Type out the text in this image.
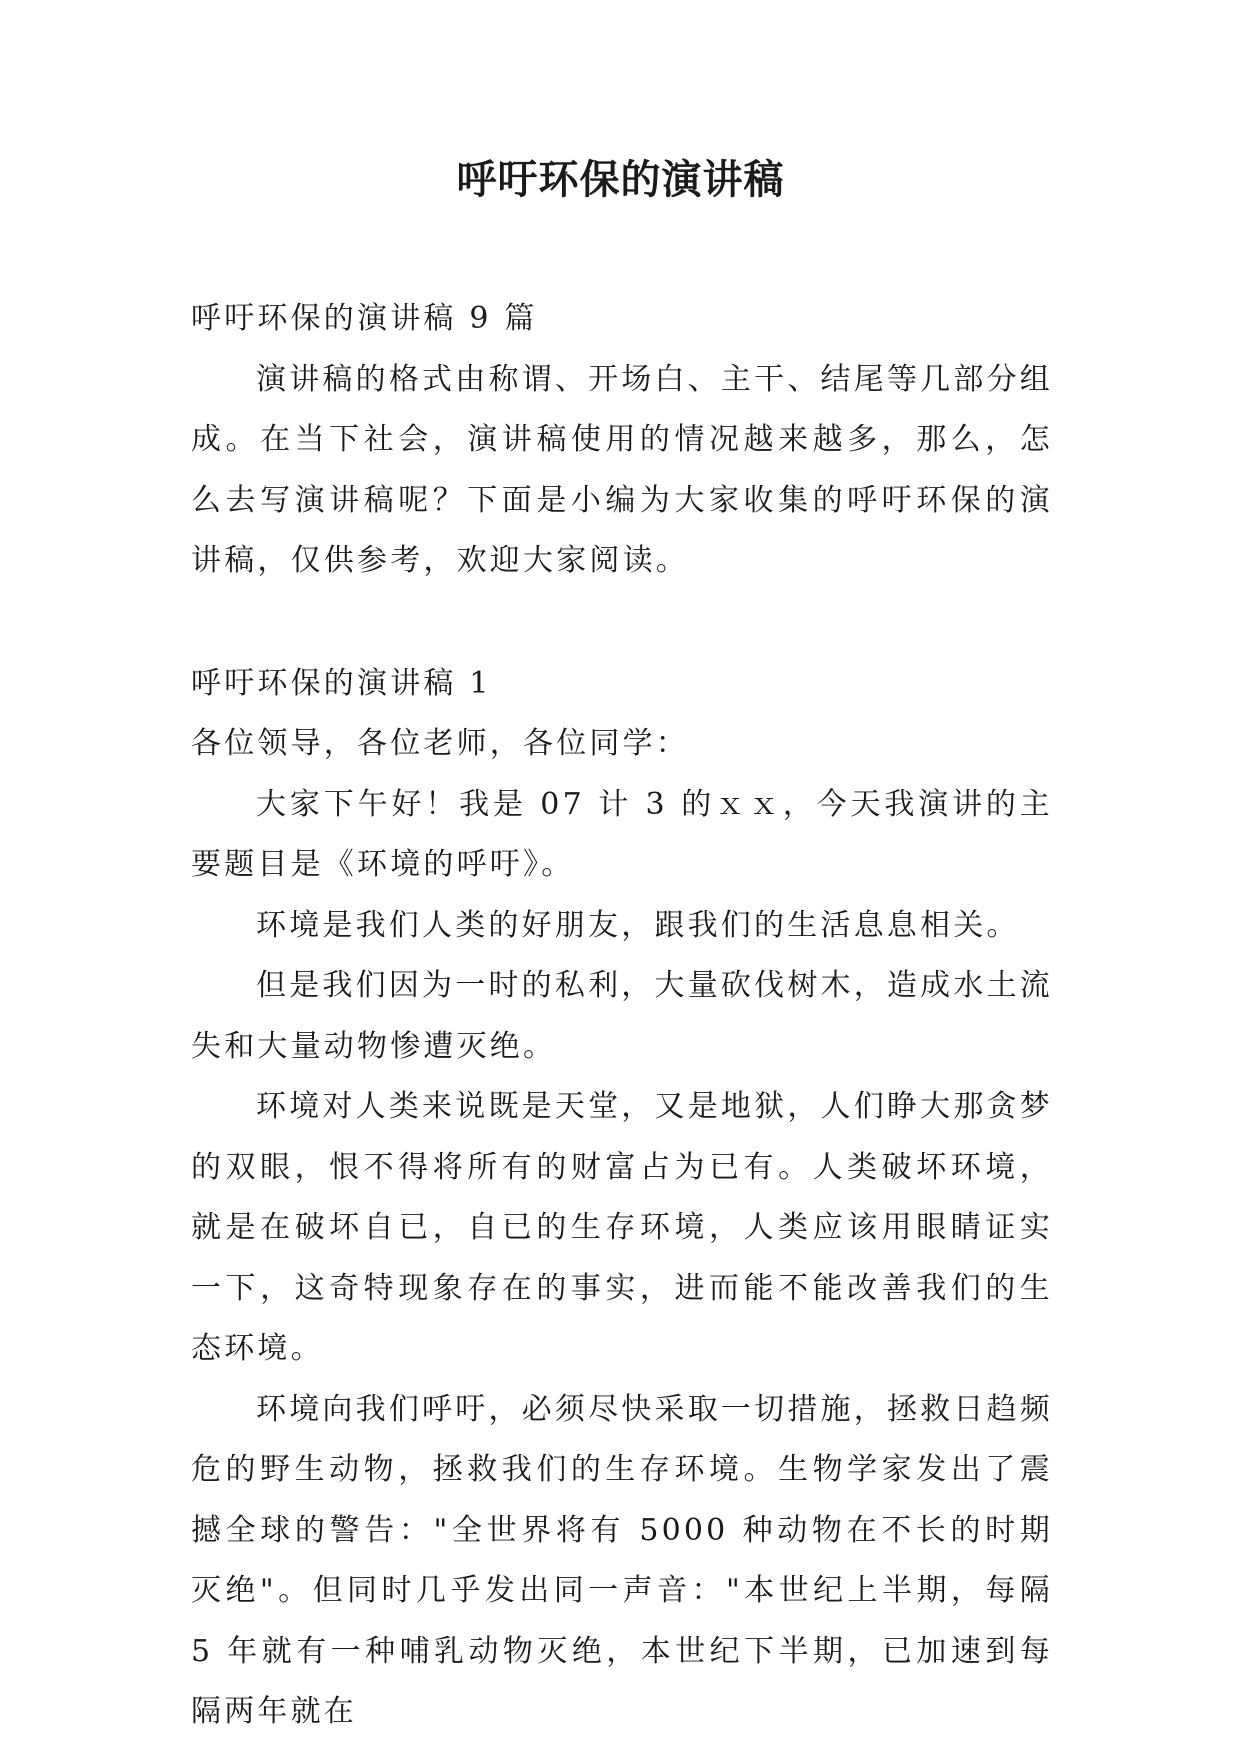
呼吁环保的演讲稿

呼吁环保的演讲稿 9 篇

演讲稿的格式由称谓、开场白、主干、结尾等几部分组成。在当下社会，演讲稿使用的情况越来越多，那么，怎么去写演讲稿呢？下面是小编为大家收集的呼吁环保的演讲稿，仅供参考，欢迎大家阅读。

呼吁环保的演讲稿 1

各位领导，各位老师，各位同学：

大家下午好！我是 07 计 3 的ｘｘ，今天我演讲的主要题目是《环境的呼吁》。

环境是我们人类的好朋友，跟我们的生活息息相关。

但是我们因为一时的私利，大量砍伐树木，造成水土流失和大量动物惨遭灭绝。

环境对人类来说既是天堂，又是地狱，人们睁大那贪梦的双眼，恨不得将所有的财富占为已有。人类破坏环境，就是在破坏自已，自已的生存环境，人类应该用眼睛证实一下，这奇特现象存在的事实，进而能不能改善我们的生态环境。

环境向我们呼吁，必须尽快采取一切措施，拯救日趋频危的野生动物，拯救我们的生存环境。生物学家发出了震撼全球的警告："全世界将有 5000 种动物在不长的时期灭绝"。但同时几乎发出同一声音："本世纪上半期，每隔 5 年就有一种哺乳动物灭绝，本世纪下半期，已加速到每隔两年就在
